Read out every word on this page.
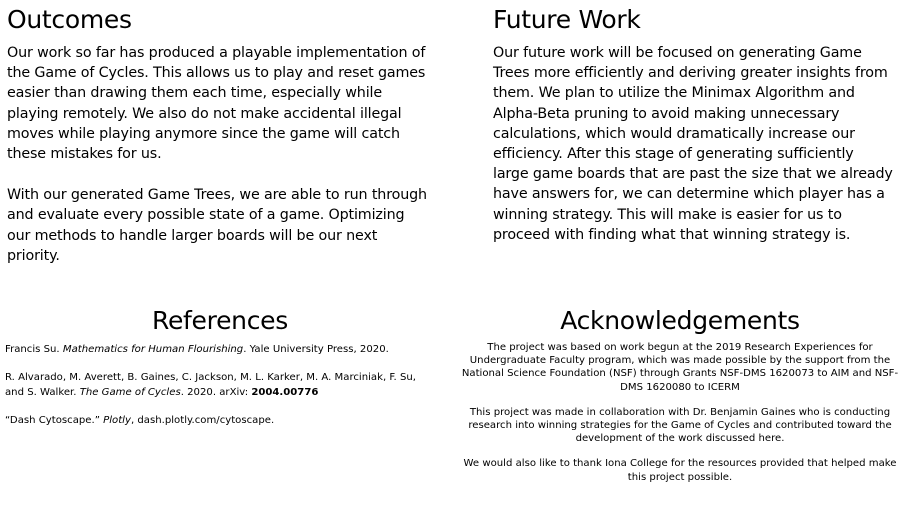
Outcomes

Our work so far has produced a playable implementation of the Game of Cycles. This allows us to play and reset games easier than drawing them each time, especially while playing remotely. We also do not make accidental illegal moves while playing anymore since the game will catch these mistakes for us.

With our generated Game Trees, we are able to run through and evaluate every possible state of a game. Optimizing our methods to handle larger boards will be our next priority.

Future Work

Our future work will be focused on generating Game Trees more efficiently and deriving greater insights from them. We plan to utilize the Minimax Algorithm and Alpha-Beta pruning to avoid making unnecessary calculations, which would dramatically increase our efficiency. After this stage of generating sufficiently large game boards that are past the size that we already have answers for, we can determine which player has a winning strategy. This will make is easier for us to proceed with finding what that winning strategy is.

References

Francis Su. Mathematics for Human Flourishing. Yale University Press, 2020.

R. Alvarado, M. Averett, B. Gaines, C. Jackson, M. L. Karker, M. A. Marciniak, F. Su, and S. Walker. The Game of Cycles. 2020. arXiv: 2004.00776

“Dash Cytoscape.” Plotly, dash.plotly.com/cytoscape.

Acknowledgements

The project was based on work begun at the 2019 Research Experiences for Undergraduate Faculty program, which was made possible by the support from the National Science Foundation (NSF) through Grants NSF-DMS 1620073 to AIM and NSF-DMS 1620080 to ICERM

This project was made in collaboration with Dr. Benjamin Gaines who is conducting research into winning strategies for the Game of Cycles and contributed toward the development of the work discussed here.

We would also like to thank Iona College for the resources provided that helped make this project possible.
